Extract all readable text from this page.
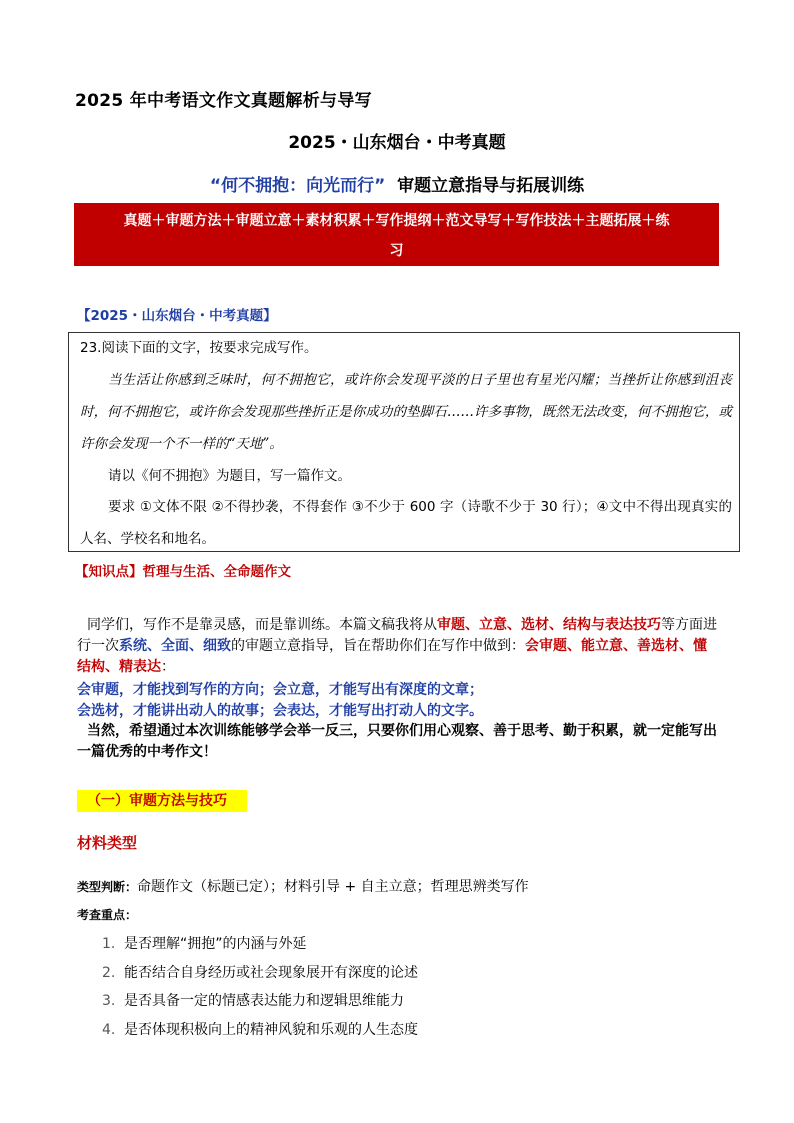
2025 年中考语文作文真题解析与导写
2025・山东烟台・中考真题
“何不拥抱：向光而行” 审题立意指导与拓展训练
真题＋审题方法＋审题立意＋素材积累＋写作提纲＋范文导写＋写作技法＋主题拓展＋练
习
【2025・山东烟台・中考真题】
23.阅读下面的文字，按要求完成写作。
当生活让你感到乏味时，何不拥抱它，或许你会发现平淡的日子里也有星光闪耀；当挫折让你感到沮丧时，何不拥抱它，或许你会发现那些挫折正是你成功的垫脚石……许多事物，既然无法改变，何不拥抱它，或许你会发现一个不一样的“天地”。
请以《何不拥抱》为题目，写一篇作文。
要求 ①文体不限 ②不得抄袭，不得套作 ③不少于 600 字（诗歌不少于 30 行）；④文中不得出现真实的人名、学校名和地名。
【知识点】哲理与生活、全命题作文
同学们，写作不是靠灵感，而是靠训练。本篇文稿我将从审题、立意、选材、结构与表达技巧等方面进行一次系统、全面、细致的审题立意指导，旨在帮助你们在写作中做到：会审题、能立意、善选材、懂结构、精表达：
会审题，才能找到写作的方向；会立意，才能写出有深度的文章；
会选材，才能讲出动人的故事；会表达，才能写出打动人的文字。
当然，希望通过本次训练能够学会举一反三，只要你们用心观察、善于思考、勤于积累，就一定能写出一篇优秀的中考作文！
（一）审题方法与技巧
材料类型
类型判断：命题作文（标题已定）；材料引导 + 自主立意；哲理思辨类写作
考查重点：
1. 是否理解“拥抱”的内涵与外延
2. 能否结合自身经历或社会现象展开有深度的论述
3. 是否具备一定的情感表达能力和逻辑思维能力
4. 是否体现积极向上的精神风貌和乐观的人生态度
